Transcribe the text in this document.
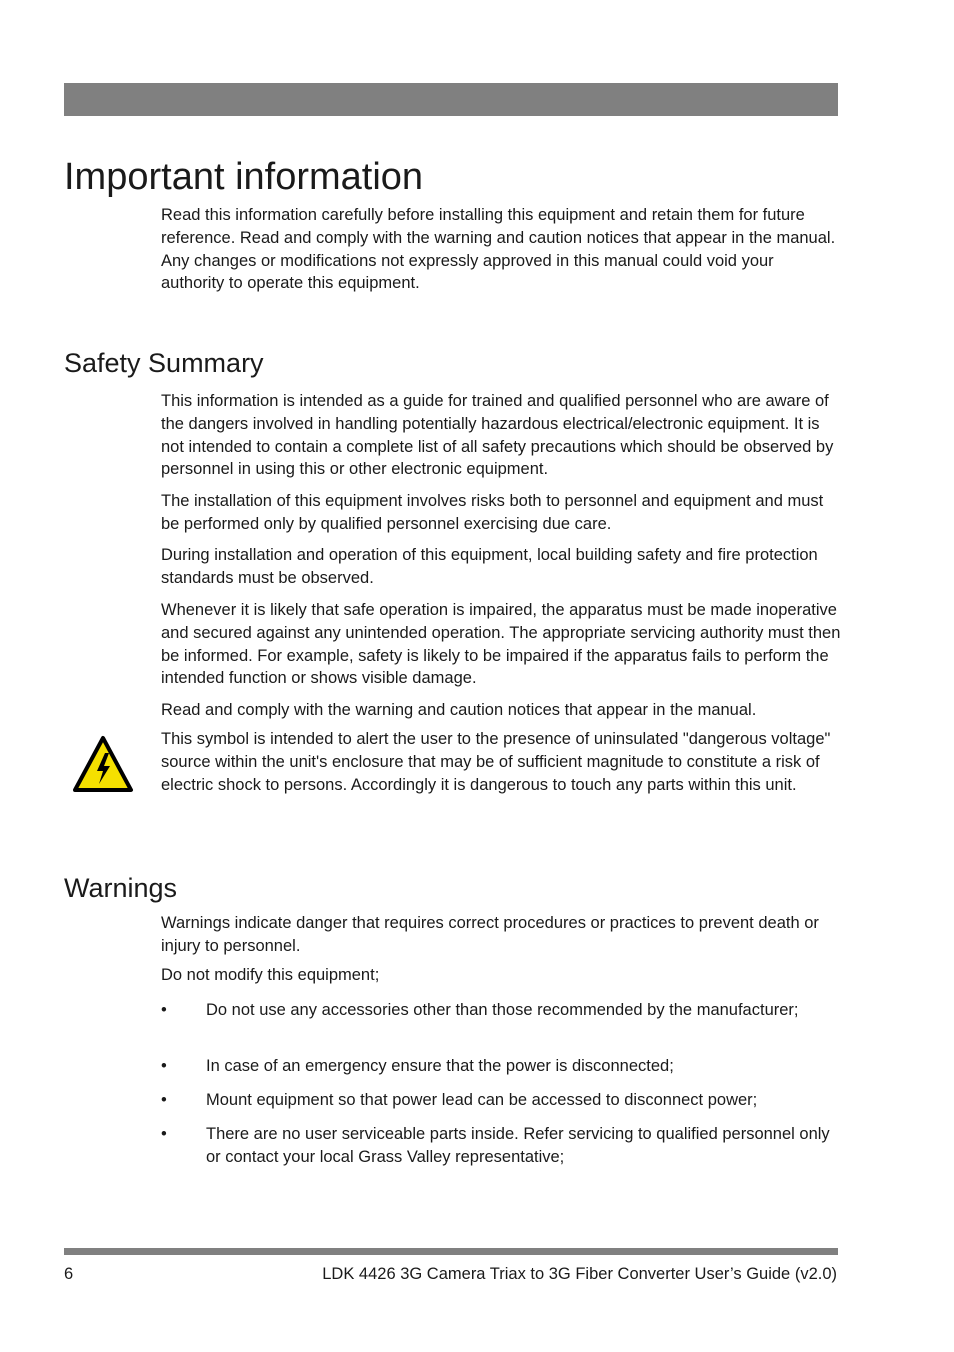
Important information

Read this information carefully before installing this equipment and retain them for future reference. Read and comply with the warning and caution notices that appear in the manual. Any changes or modifications not expressly approved in this manual could void your authority to operate this equipment.

Safety Summary

This information is intended as a guide for trained and qualified personnel who are aware of the dangers involved in handling potentially hazardous electrical/electronic equipment. It is not intended to contain a complete list of all safety precautions which should be observed by personnel in using this or other electronic equipment.

The installation of this equipment involves risks both to personnel and equipment and must be performed only by qualified personnel exercising due care.

During installation and operation of this equipment, local building safety and fire protection standards must be observed.

Whenever it is likely that safe operation is impaired, the apparatus must be made inoperative and secured against any unintended operation. The appropriate servicing authority must then be informed. For example, safety is likely to be impaired if the apparatus fails to perform the intended function or shows visible damage.

Read and comply with the warning and caution notices that appear in the manual.

This symbol is intended to alert the user to the presence of uninsulated "dangerous voltage" source within the unit's enclosure that may be of sufficient magnitude to constitute a risk of electric shock to persons. Accordingly it is dangerous to touch any parts within this unit.

Warnings

Warnings indicate danger that requires correct procedures or practices to prevent death or injury to personnel.

Do not modify this equipment;

• Do not use any accessories other than those recommended by the manufacturer;
• In case of an emergency ensure that the power is disconnected;
• Mount equipment so that power lead can be accessed to disconnect power;
• There are no user serviceable parts inside. Refer servicing to qualified personnel only or contact your local Grass Valley representative;
6	LDK 4426 3G Camera Triax to 3G Fiber Converter User’s Guide (v2.0)
